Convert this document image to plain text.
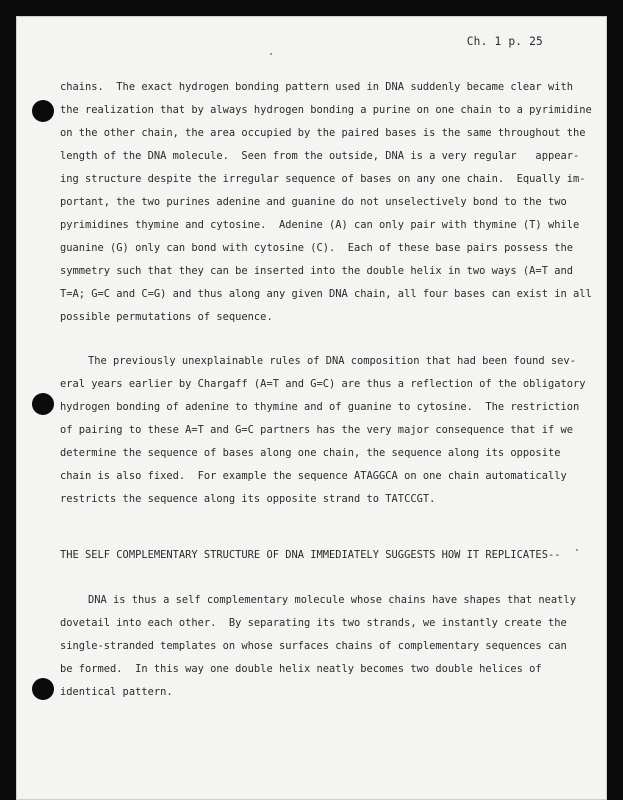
Ch. 1 p. 25
chains.  The exact hydrogen bonding pattern used in DNA suddenly became clear with
the realization that by always hydrogen bonding a purine on one chain to a pyrimidine
on the other chain, the area occupied by the paired bases is the same throughout the
length of the DNA molecule.  Seen from the outside, DNA is a very regular   appear-
ing structure despite the irregular sequence of bases on any one chain.  Equally im-
portant, the two purines adenine and guanine do not unselectively bond to the two
pyrimidines thymine and cytosine.  Adenine (A) can only pair with thymine (T) while
guanine (G) only can bond with cytosine (C).  Each of these base pairs possess the
symmetry such that they can be inserted into the double helix in two ways (A=T and
T=A; G=C and C=G) and thus along any given DNA chain, all four bases can exist in all
possible permutations of sequence.
The previously unexplainable rules of DNA composition that had been found sev-
eral years earlier by Chargaff (A=T and G=C) are thus a reflection of the obligatory
hydrogen bonding of adenine to thymine and of guanine to cytosine.  The restriction
of pairing to these A=T and G=C partners has the very major consequence that if we
determine the sequence of bases along one chain, the sequence along its opposite
chain is also fixed.  For example the sequence ATAGGCA on one chain automatically
restricts the sequence along its opposite strand to TATCCGT.
THE SELF COMPLEMENTARY STRUCTURE OF DNA IMMEDIATELY SUGGESTS HOW IT REPLICATES--
DNA is thus a self complementary molecule whose chains have shapes that neatly
dovetail into each other.  By separating its two strands, we instantly create the
single-stranded templates on whose surfaces chains of complementary sequences can
be formed.  In this way one double helix neatly becomes two double helices of
identical pattern.
